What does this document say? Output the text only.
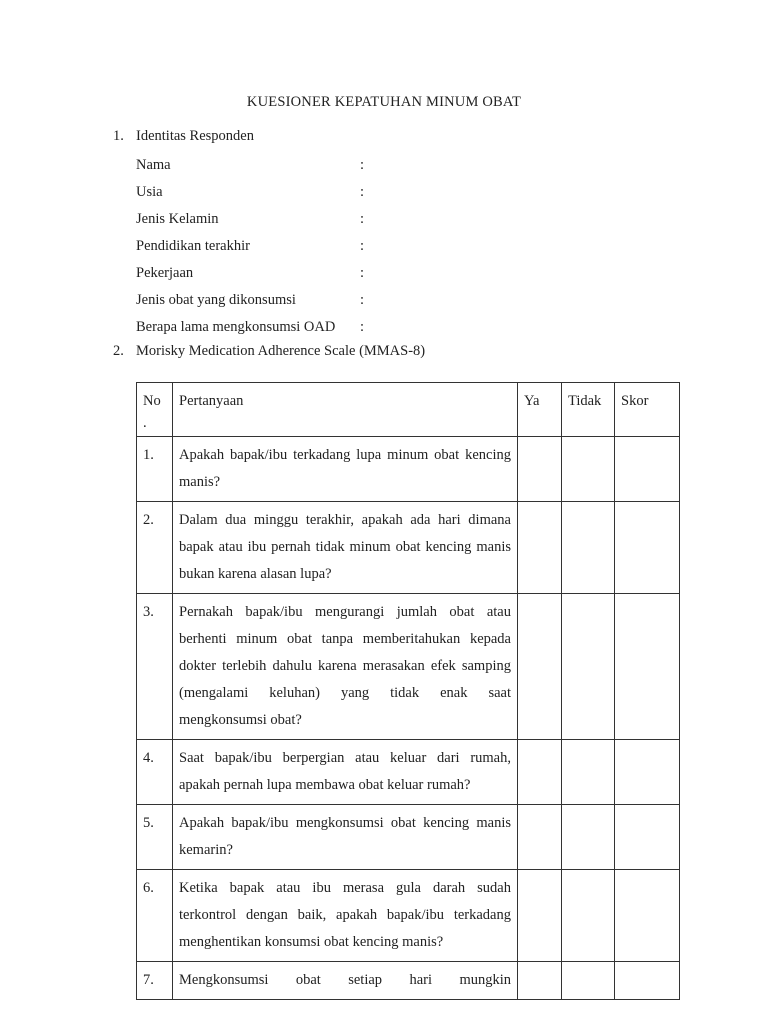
KUESIONER KEPATUHAN MINUM OBAT
1. Identitas Responden
Nama	:
Usia	:
Jenis Kelamin	:
Pendidikan terakhir	:
Pekerjaan	:
Jenis obat yang dikonsumsi	:
Berapa lama mengkonsumsi OAD :
2. Morisky Medication Adherence Scale (MMAS-8)
No
.	Pertanyaan	Ya	Tidak	Skor
1.	Apakah bapak/ibu terkadang lupa minum obat kencing manis?			
2.	Dalam dua minggu terakhir, apakah ada hari dimana bapak atau ibu pernah tidak minum obat kencing manis bukan karena alasan lupa?			
3.	Pernakah bapak/ibu mengurangi jumlah obat atau berhenti minum obat tanpa memberitahukan kepada dokter terlebih dahulu karena merasakan efek samping (mengalami keluhan) yang tidak enak saat mengkonsumsi obat?			
4.	Saat bapak/ibu berpergian atau keluar dari rumah, apakah pernah lupa membawa obat keluar rumah?			
5.	Apakah bapak/ibu mengkonsumsi obat kencing manis kemarin?			
6.	Ketika bapak atau ibu merasa gula darah sudah terkontrol dengan baik, apakah bapak/ibu terkadang menghentikan konsumsi obat kencing manis?			
7.	Mengkonsumsi obat setiap hari mungkin			
